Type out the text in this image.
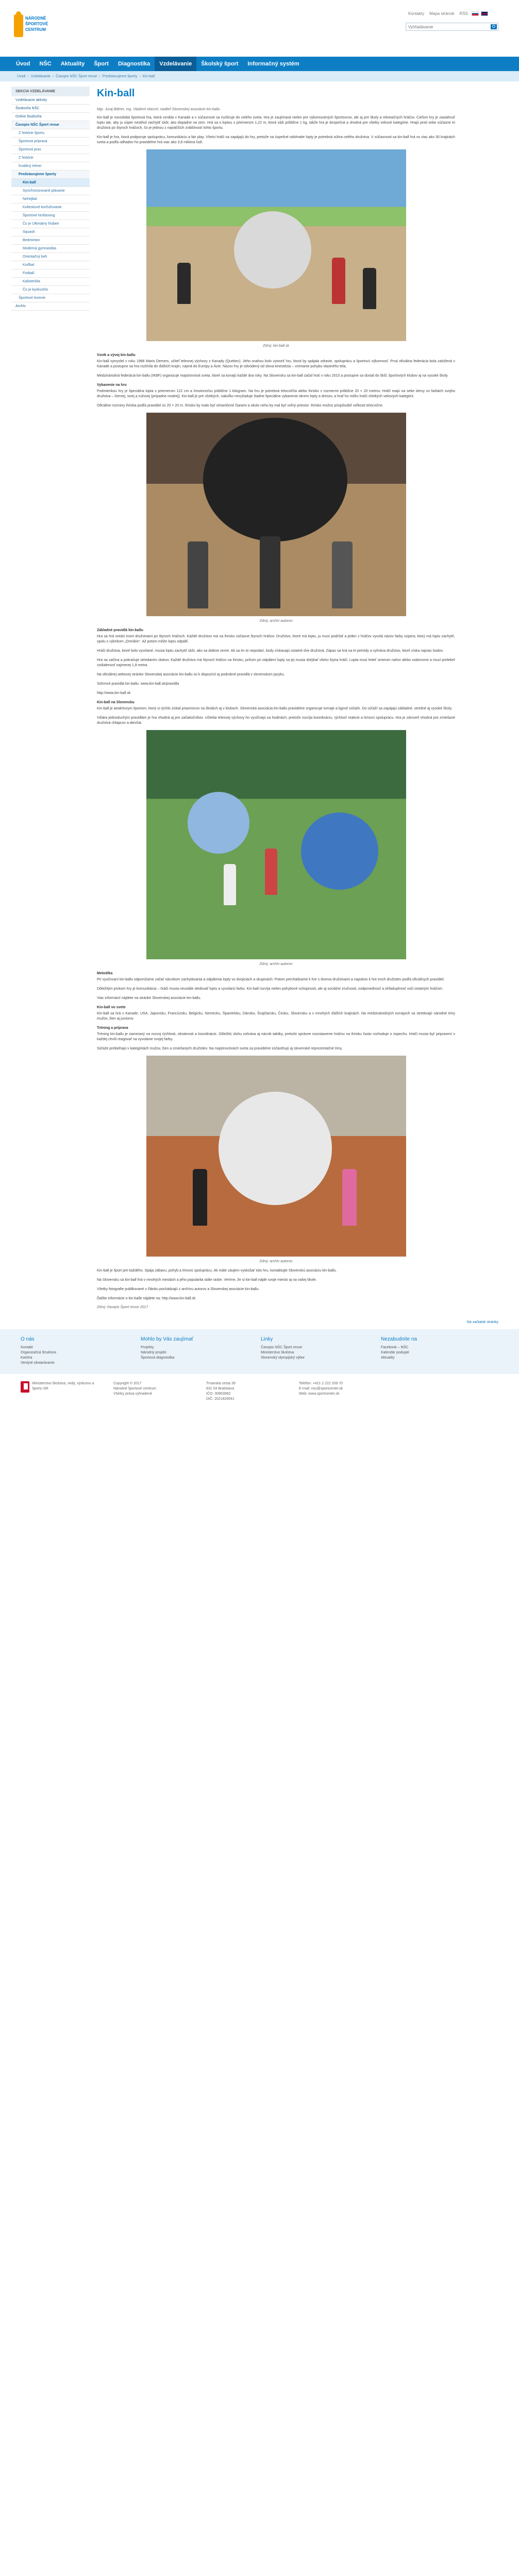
NÁRODNÉ
ŠPORTOVÉ
CENTRUM
Kontakty	Mapa stránok	RSS
Vyhľadávanie
Úvod	NŠC	Aktuality	Šport	Diagnostika	Vzdelávanie	Školský šport	Informačný systém
Úvod › Vzdelávanie › Časopis NŠC Šport revue › Predstavujeme športy › Kin-ball
SEKCIA VZDELÁVANIE
Vzdelávacie aktivity
Študovňa NŠC
Online študovňa
Časopis NŠC Šport revue
Z histórie športu
Športová príprava
Športová prax
Z histórie
Kvalitný tréner
Predstavujeme športy
Kin-ball
Synchronizované plávanie
Nohejbal
Kolieskové korčuľovanie
Športové kickboxing
Čo je Ultimátny frisbee
Squash
Bedminton
Moderná gymnastika
Orientačný beh
Korfbal
Fistball
Kalistenika
Čo je kyokushin
Športové lezenie
Archív
Kin-ball

Mgr. Juraj Bittner, Ing. Vladimír Marcel, riaditeľ Slovenskej asociácie kin-ballu

Kin-ball je novodobá športová hra, ktorá vznikla v Kanade a v súčasnosti sa rozširuje do celého sveta. Hra je zaujímavá nielen pre výkonnostných športovcov, ale aj pre školy a rekreačných hráčov. Cieľom hry je zasiahnuť loptu tak, aby ju súper nestihol zachytiť skôr, ako dopadne na zem. Hrá sa s loptou s priemerom 1,22 m, ktorá váži približne 1 kg, takže hra je bezpečná a vhodná pre všetky vekové kategórie. Hrajú proti sebe súčasne tri družstvá po štyroch hráčoch, čo je jednou z najväčších zvláštností tohto športu.

Kin-ball je hra, ktorá podporuje spoluprácu, komunikáciu a fair play. Všetci hráči sa zapájajú do hry, pretože na úspešné odohratie lopty je potrebná súhra celého družstva. V súčasnosti sa kin-ball hrá vo viac ako 30 krajinách sveta a podľa odhadov ho pravidelne hrá viac ako 3,8 milióna ľudí.

Zdroj: kin-ball.sk

Vznik a vývoj kin-ballu

Kin-ball vymyslel v roku 1986 Mario Demers, učiteľ telesnej výchovy z Kanady (Quebec). Jeho snahou bolo vytvoriť hru, ktorá by spájala zdravie, spoluprácu a športovú výkonnosť. Prvá oficiálna federácia bola založená v Kanade a postupne sa hra rozšírila do ďalších krajín, najmä do Európy a Ázie. Názov hry je odvodený od slova kinestézia – vnímanie pohybu vlastného tela.

Medzinárodná federácia kin-ballu (IKBF) organizuje majstrovstvá sveta, ktoré sa konajú každé dva roky. Na Slovensku sa kin-ball začal hrať v roku 2010 a postupne sa dostal do škôl, športových klubov aj na vysoké školy.

Vybavenie na hru

Podmienkou hry je špeciálna lopta s priemerom 122 cm a hmotnosťou približne 1 kilogram. Na hru je potrebná telocvičňa alebo ihrisko s rozmermi približne 20 × 20 metrov. Hráči majú na sebe dresy vo farbách svojho družstva – čiernej, sivej a ružovej (prípadne modrej). Kin-ball je pre všetkých, nakoľko nevyžaduje žiadne špeciálne vybavenie okrem lopty a dresov, a hrať ho môžu hráči všetkých vekových kategórií.

Oficiálne rozmery ihriska podľa pravidiel sú 20 × 20 m. Ihrisko by malo byť ohraničené čiarami a okolo neho by mal byť voľný priestor. Ihrisko možno prispôsobiť veľkosti telocvične.

Zdroj: archív autorov

Základné pravidlá kin-ballu

Hra sa hrá medzi tromi družstvami po štyroch hráčoch. Každé družstvo má na ihrisku súčasne štyroch hráčov. Družstvo, ktoré má loptu, ju musí podržať a jeden z hráčov vyvolá názov farby súpera, ktorý má loptu zachytiť, spolu s výkrikom „Omnikin“. Až potom môže loptu odpáliť.

Hráči družstva, ktoré bolo vyvolané, musia loptu zachytiť skôr, ako sa dotkne zeme. Ak sa im to nepodarí, body získavajú ostatné dve družstvá. Zápas sa hrá na tri periódy a vyhráva družstvo, ktoré získa najviac bodov.

Hra sa začína a pokračuje striedaním útokov. Každé družstvo má štyroch hráčov na ihrisku, pričom pri odpálení lopty sa jej musia dotýkať všetci štyria hráči. Lopta musí letieť smerom nahor alebo vodorovne a musí preletieť vzdialenosť najmenej 1,8 metra.

Na oficiálnej webovej stránke Slovenskej asociácie kin-ballu sú k dispozícii aj podrobné pravidlá v slovenskom jazyku.

Súhrnné pravidlá kin-ballu: www.kin-ball.sk/pravidla

http://www.kin-ball.sk

Kin-ball na Slovensku

Kin-ball je atraktívnym športom, ktorý si rýchlo získal priaznivcov na školách aj v kluboch. Slovenská asociácia kin-ballu pravidelne organizuje turnaje a ligové súťaže. Do súťaží sa zapájajú základné, stredné aj vysoké školy.

Vďaka jednoduchým pravidlám je hra vhodná aj pre začiatočníkov. Učitelia telesnej výchovy ho využívajú na hodinách, pretože rozvíja koordináciu, rýchlosť reakcie a tímovú spoluprácu. Hra je zároveň vhodná pre zmiešané družstvá chlapcov a dievčat.

Zdroj: archív autorov

Metodika

Pri vyučovaní kin-ballu odporúčame začať nácvikom zachytávania a odpálenia lopty vo dvojiciach a skupinách. Potom prechádzame k hre s dvoma družstvami a napokon k hre troch družstiev podľa oficiálnych pravidiel.

Dôležitým prvkom hry je komunikácia – hráči musia neustále sledovať loptu a vyvolanú farbu. Kin-ball rozvíja nielen pohybové schopnosti, ale aj sociálne zručnosti, zodpovednosť a ohľaduplnosť voči ostatným hráčom.

Viac informácií nájdete na stránke Slovenskej asociácie kin-ballu.

Kin-ball vo svete

Kin-ball sa hrá v Kanade, USA, Japonsku, Francúzsku, Belgicku, Nemecku, Španielsku, Dánsku, Švajčiarsku, Česku, Slovensku a v mnohých ďalších krajinách. Na medzinárodných turnajoch sa stretávajú národné tímy mužov, žien aj juniorov.

Tréning a príprava

Tréning kin-ballu je zameraný na rozvoj rýchlosti, obratnosti a koordinácie. Dôležitú úlohu zohráva aj nácvik taktiky, pretože správne rozostavenie hráčov na ihrisku často rozhoduje o úspechu. Hráči musia byť pripravení v každej chvíli reagovať na vyvolanie svojej farby.

Súťaže prebiehajú v kategóriách mužov, žien a zmiešaných družstiev. Na majstrovstvách sveta sa pravidelne zúčastňujú aj slovenské reprezentačné tímy.

Zdroj: archív autorov

Kin-ball je šport pre každého. Spája zábavu, pohyb a tímovú spoluprácu. Ak máte záujem vyskúšať túto hru, kontaktujte Slovenskú asociáciu kin-ballu.

Na Slovensku sa kin-ball hrá v mnohých mestách a jeho popularita stále rastie. Veríme, že si kin-ball nájde svoje miesto aj na vašej škole.

Všetky fotografie publikované v článku pochádzajú z archívu autorov a Slovenskej asociácie kin-ballu.

Ďalšie informácie o kin-balle nájdete na: http://www.kin-ball.sk

Zdroj: časopis Šport revue 2017

Na začiatok stránky
O nás
Kontakt
Organizačná štruktúra
Kariéra
Verejné obstarávanie
Mohlo by Vás zaujímať
Projekty
Národný projekt
Športová diagnostika
Linky
Časopis NŠC Šport revue
Ministerstvo školstva
Slovenský olympijský výbor
Nezabudnite na
Facebook – NŠC
Kalendár podujatí
Aktuality
Ministerstvo školstva, vedy, výskumu a športu SR
Copyright © 2017
Národné športové centrum
Všetky práva vyhradené
Trnavská cesta 39
831 04 Bratislava
IČO: 30853982
DIČ: 2021829541
Telefón: +421 2 222 209 70
E-mail: nsc@sportcenter.sk
Web: www.sportcenter.sk
